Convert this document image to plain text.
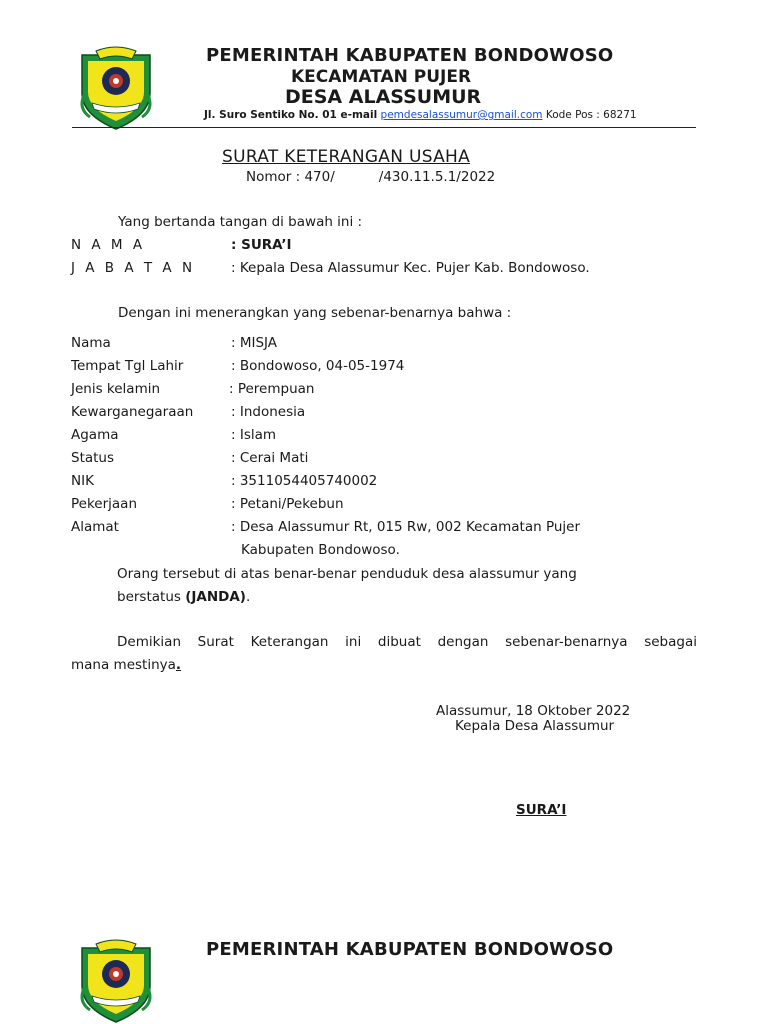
PEMERINTAH KABUPATEN BONDOWOSO
KECAMATAN PUJER
DESA ALASSUMUR
Jl. Suro Sentiko No. 01 e-mail pemdesalassumur@gmail.com Kode Pos : 68271
SURAT KETERANGAN USAHA
Nomor : 470/	/430.11.5.1/2022
Yang bertanda tangan di bawah ini :
N A M A	: SURA’I
J A B A T A N	: Kepala Desa Alassumur Kec. Pujer Kab. Bondowoso.
Dengan ini menerangkan yang sebenar-benarnya bahwa :
Nama	: MISJA
Tempat Tgl Lahir	: Bondowoso, 04-05-1974
Jenis kelamin	: Perempuan
Kewarganegaraan	: Indonesia
Agama	: Islam
Status	: Cerai Mati
NIK	: 3511054405740002
Pekerjaan	: Petani/Pekebun
Alamat	: Desa Alassumur Rt, 015 Rw, 002 Kecamatan Pujer
Kabupaten Bondowoso.
Orang tersebut di atas benar-benar penduduk desa alassumur yang
berstatus (JANDA).
Demikian Surat Keterangan ini dibuat dengan sebenar-benarnya sebagai
mana mestinya.
Alassumur, 18 Oktober 2022
Kepala Desa Alassumur
SURA’I
PEMERINTAH KABUPATEN BONDOWOSO
